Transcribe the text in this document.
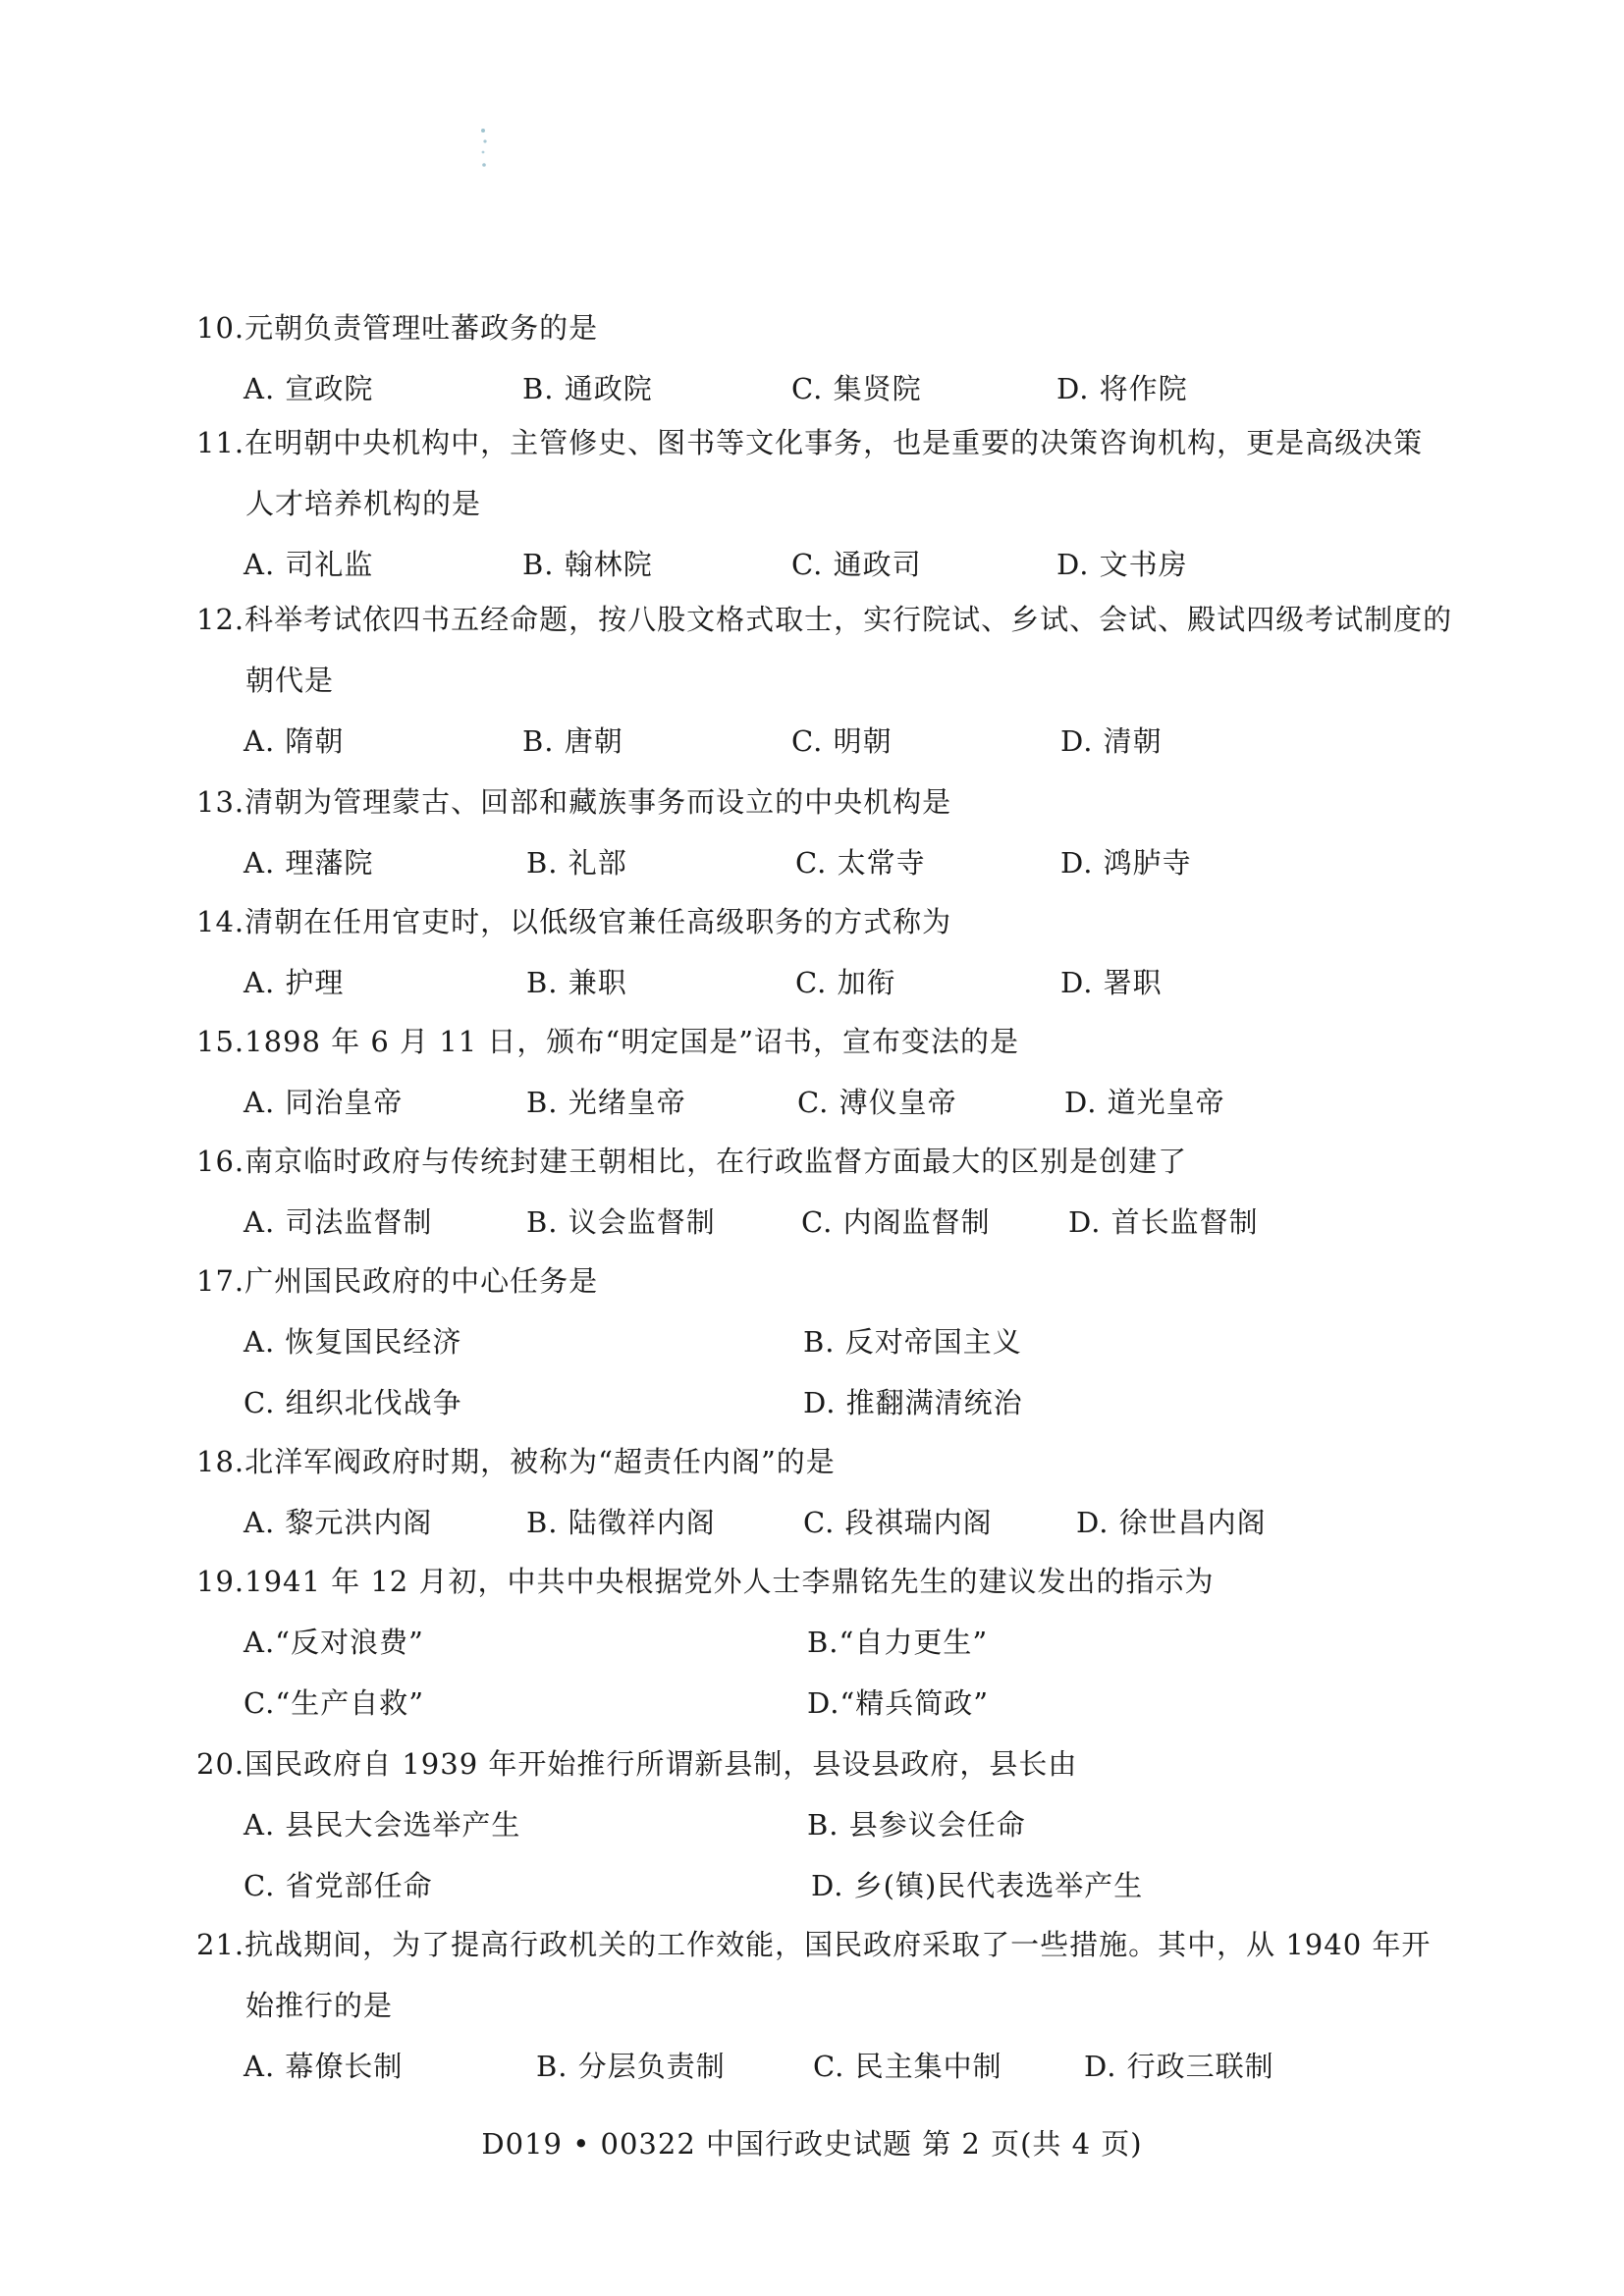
10.元朝负责管理吐蕃政务的是
A. 宣政院	B. 通政院	C. 集贤院	D. 将作院
11.在明朝中央机构中，主管修史、图书等文化事务，也是重要的决策咨询机构，更是高级决策
人才培养机构的是
A. 司礼监	B. 翰林院	C. 通政司	D. 文书房
12.科举考试依四书五经命题，按八股文格式取士，实行院试、乡试、会试、殿试四级考试制度的
朝代是
A. 隋朝	B. 唐朝	C. 明朝	D. 清朝
13.清朝为管理蒙古、回部和藏族事务而设立的中央机构是
A. 理藩院	B. 礼部	C. 太常寺	D. 鸿胪寺
14.清朝在任用官吏时，以低级官兼任高级职务的方式称为
A. 护理	B. 兼职	C. 加衔	D. 署职
15.1898 年 6 月 11 日，颁布“明定国是”诏书，宣布变法的是
A. 同治皇帝	B. 光绪皇帝	C. 溥仪皇帝	D. 道光皇帝
16.南京临时政府与传统封建王朝相比，在行政监督方面最大的区别是创建了
A. 司法监督制	B. 议会监督制	C. 内阁监督制	D. 首长监督制
17.广州国民政府的中心任务是
A. 恢复国民经济	B. 反对帝国主义
C. 组织北伐战争	D. 推翻满清统治
18.北洋军阀政府时期，被称为“超责任内阁”的是
A. 黎元洪内阁	B. 陆徵祥内阁	C. 段祺瑞内阁	D. 徐世昌内阁
19.1941 年 12 月初，中共中央根据党外人士李鼎铭先生的建议发出的指示为
A.“反对浪费”	B.“自力更生”
C.“生产自救”	D.“精兵简政”
20.国民政府自 1939 年开始推行所谓新县制，县设县政府，县长由
A. 县民大会选举产生	B. 县参议会任命
C. 省党部任命	D. 乡(镇)民代表选举产生
21.抗战期间，为了提高行政机关的工作效能，国民政府采取了一些措施。其中，从 1940 年开
始推行的是
A. 幕僚长制	B. 分层负责制	C. 民主集中制	D. 行政三联制
D019 • 00322 中国行政史试题 第 2 页(共 4 页)
